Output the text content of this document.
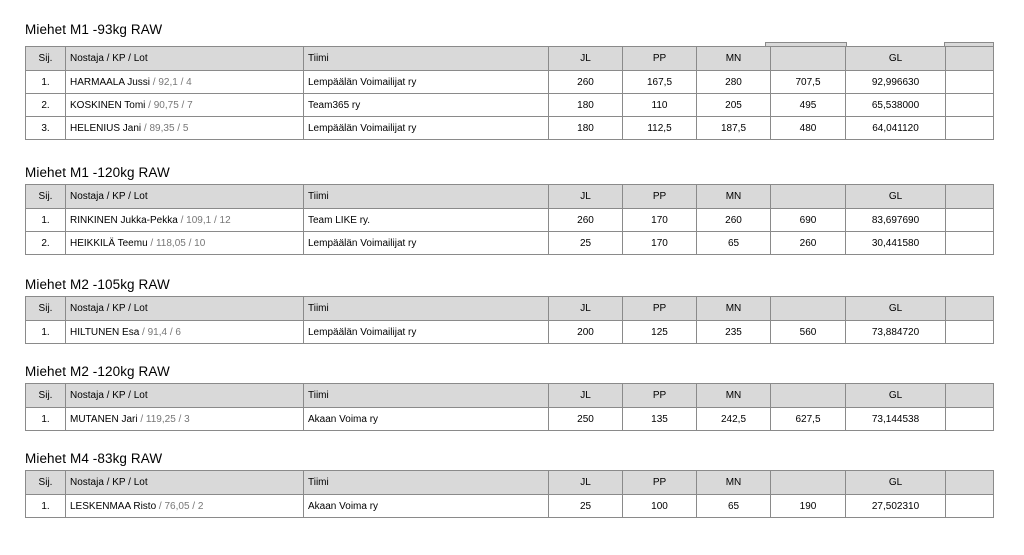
Miehet M1 -93kg RAW
Sij.	Nostaja / KP / Lot	Tiimi	JL	PP	MN		GL	
1.	HARMAALA Jussi / 92,1 / 4	Lempäälän Voimailijat ry	260	167,5	280	707,5	92,996630	
2.	KOSKINEN Tomi / 90,75 / 7	Team365 ry	180	110	205	495	65,538000	
3.	HELENIUS Jani / 89,35 / 5	Lempäälän Voimailijat ry	180	112,5	187,5	480	64,041120	
Miehet M1 -120kg RAW
Sij.	Nostaja / KP / Lot	Tiimi	JL	PP	MN		GL	
1.	RINKINEN Jukka-Pekka / 109,1 / 12	Team LIKE ry.	260	170	260	690	83,697690	
2.	HEIKKILÄ Teemu / 118,05 / 10	Lempäälän Voimailijat ry	25	170	65	260	30,441580	
Miehet M2 -105kg RAW
Sij.	Nostaja / KP / Lot	Tiimi	JL	PP	MN		GL	
1.	HILTUNEN Esa / 91,4 / 6	Lempäälän Voimailijat ry	200	125	235	560	73,884720	
Miehet M2 -120kg RAW
Sij.	Nostaja / KP / Lot	Tiimi	JL	PP	MN		GL	
1.	MUTANEN Jari / 119,25 / 3	Akaan Voima ry	250	135	242,5	627,5	73,144538	
Miehet M4 -83kg RAW
Sij.	Nostaja / KP / Lot	Tiimi	JL	PP	MN		GL	
1.	LESKENMAA Risto / 76,05 / 2	Akaan Voima ry	25	100	65	190	27,502310	
